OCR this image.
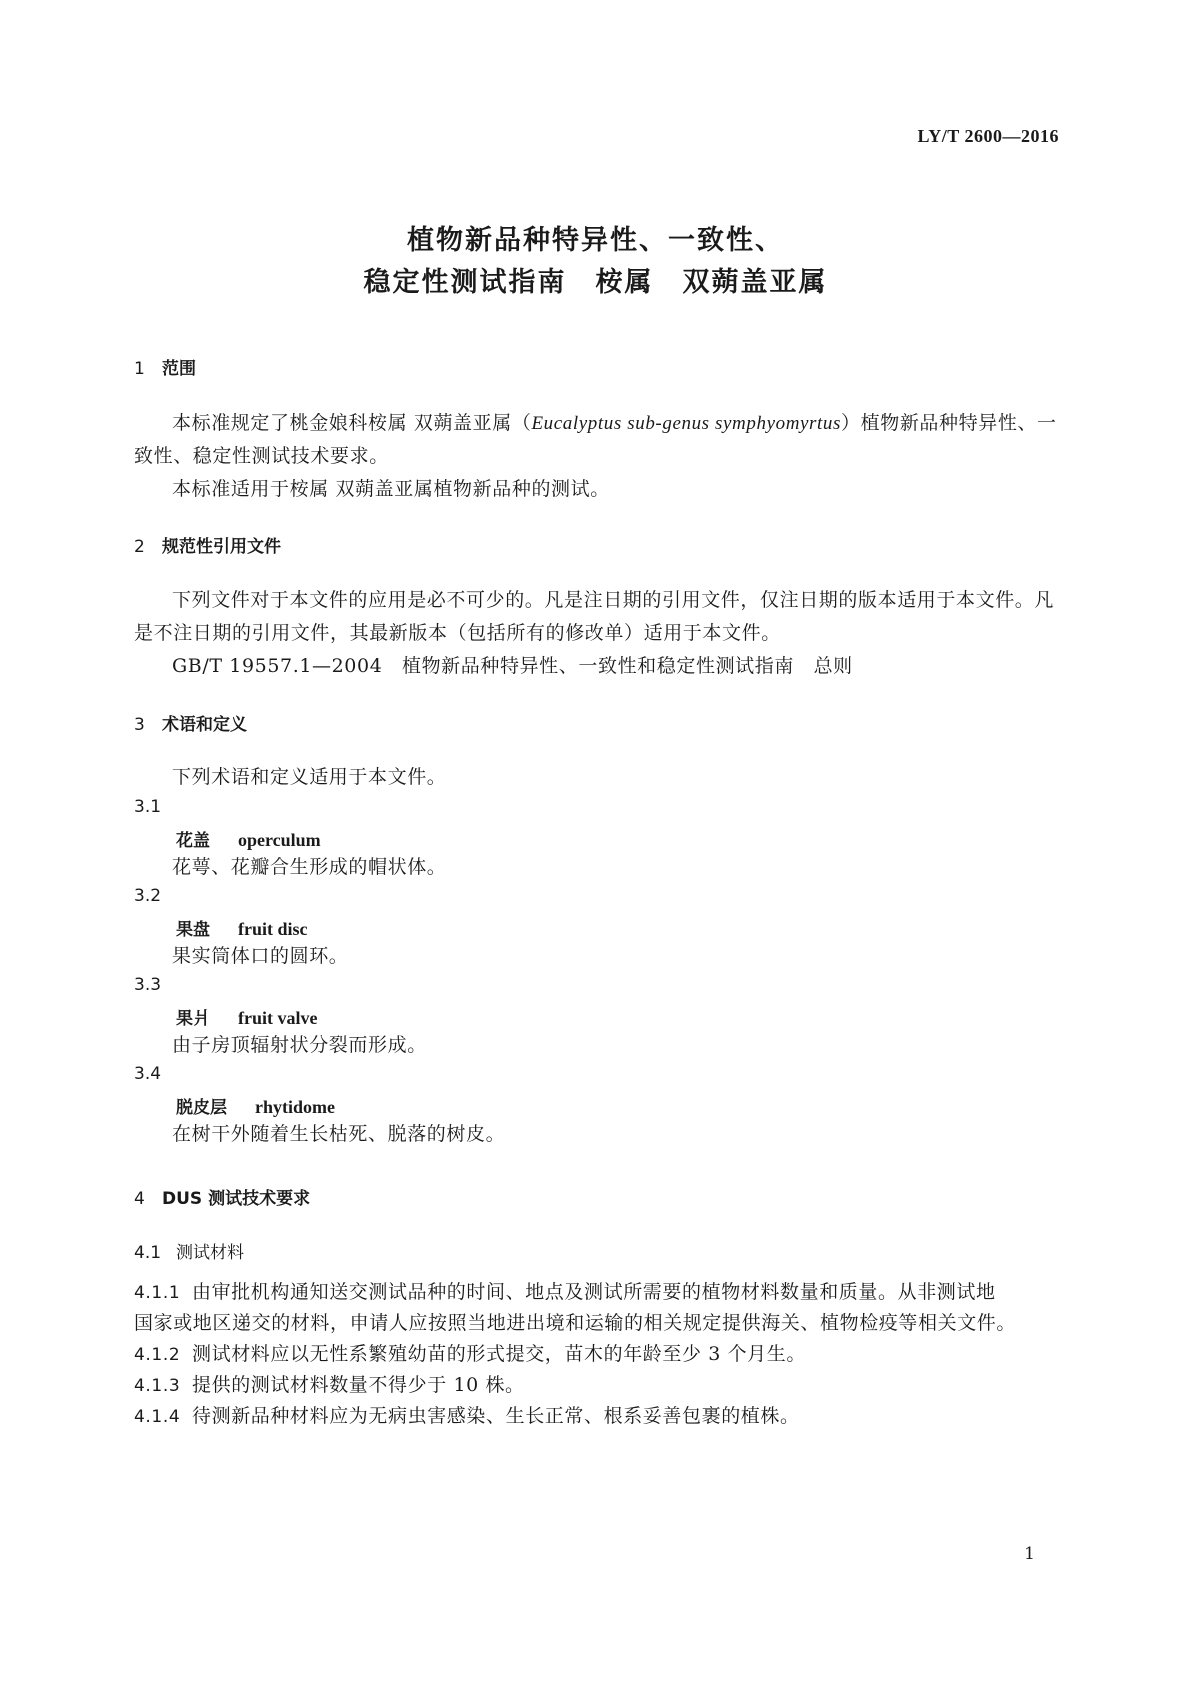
LY/T 2600—2016
植物新品种特异性、一致性、
稳定性测试指南　桉属　双蒴盖亚属
1 范围

本标准规定了桃金娘科桉属 双蒴盖亚属（Eucalyptus sub-genus symphyomyrtus）植物新品种特异性、一致性、稳定性测试技术要求。

本标准适用于桉属 双蒴盖亚属植物新品种的测试。

2 规范性引用文件

下列文件对于本文件的应用是必不可少的。凡是注日期的引用文件，仅注日期的版本适用于本文件。凡是不注日期的引用文件，其最新版本（包括所有的修改单）适用于本文件。

GB/T 19557.1—2004　植物新品种特异性、一致性和稳定性测试指南　总则

3 术语和定义
下列术语和定义适用于本文件。
3.1
花盖 operculum
花萼、花瓣合生形成的帽状体。
3.2
果盘 fruit disc
果实筒体口的圆环。
3.3
果爿 fruit valve
由子房顶辐射状分裂而形成。
3.4
脱皮层 rhytidome
在树干外随着生长枯死、脱落的树皮。
4 DUS 测试技术要求
4.1 测试材料
4.1.1 由审批机构通知送交测试品种的时间、地点及测试所需要的植物材料数量和质量。从非测试地
国家或地区递交的材料，申请人应按照当地进出境和运输的相关规定提供海关、植物检疫等相关文件。
4.1.2 测试材料应以无性系繁殖幼苗的形式提交，苗木的年龄至少 3 个月生。
4.1.3 提供的测试材料数量不得少于 10 株。
4.1.4 待测新品种材料应为无病虫害感染、生长正常、根系妥善包裹的植株。
1
